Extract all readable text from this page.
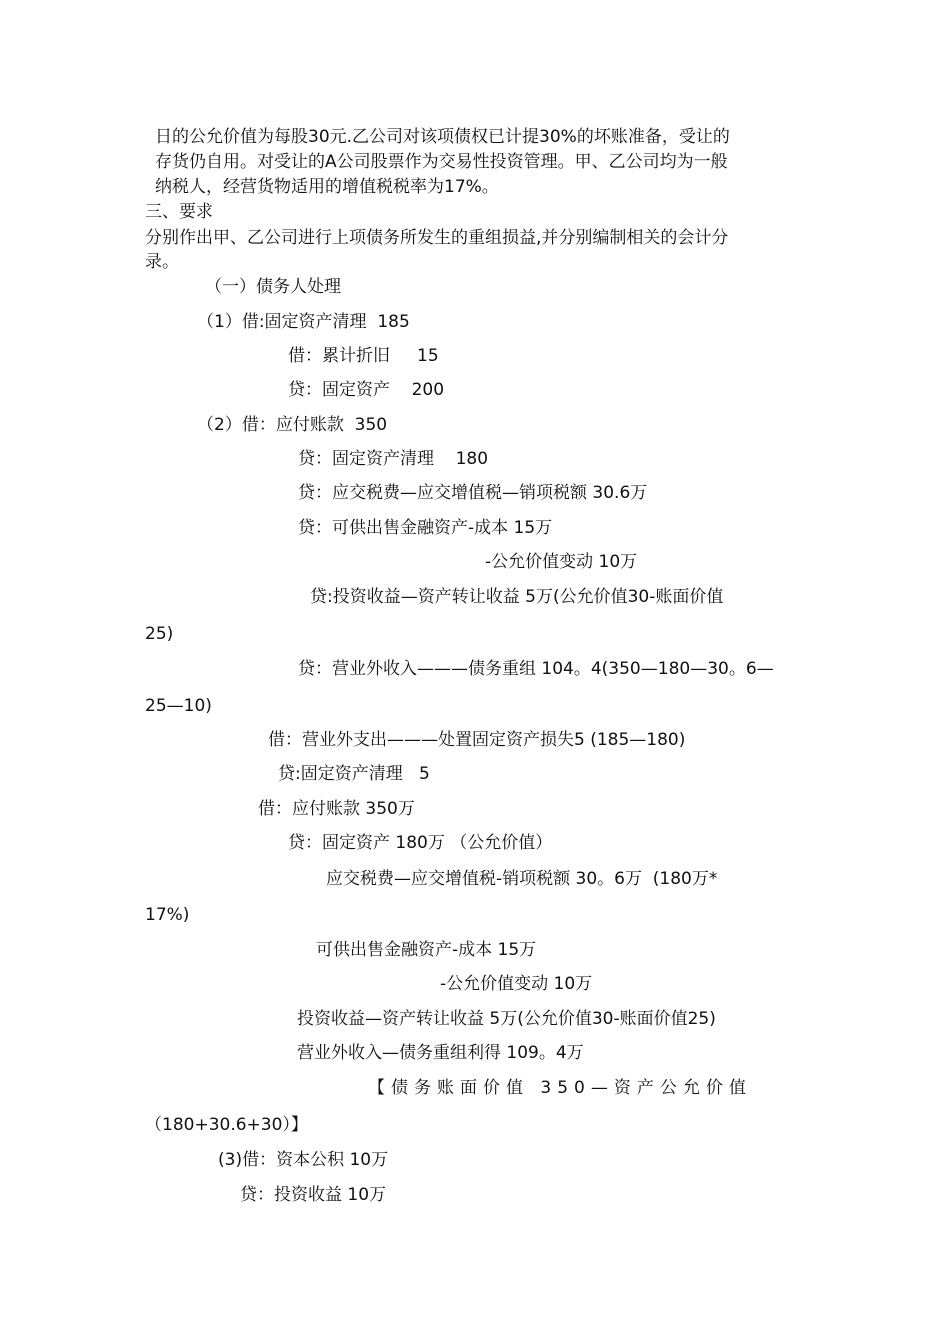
日的公允价值为每股30元.乙公司对该项债权已计提30%的坏账准备，受让的
存货仍自用。对受让的A公司股票作为交易性投资管理。甲、乙公司均为一般
纳税人，经营货物适用的增值税税率为17%。
三、要求
分别作出甲、乙公司进行上项债务所发生的重组损益,并分别编制相关的会计分
录。
（一）债务人处理
（1）借:固定资产清理  185
借：累计折旧     15
贷：固定资产    200
（2）借：应付账款  350
贷：固定资产清理    180
贷：应交税费—应交增值税—销项税额 30.6万
贷：可供出售金融资产-成本 15万
-公允价值变动 10万
贷:投资收益—资产转让收益 5万(公允价值30-账面价值
25)
贷：营业外收入———债务重组 104。4(350—180—30。6—
25—10)
借：营业外支出———处置固定资产损失5 (185—180)
贷:固定资产清理   5
借：应付账款 350万
贷：固定资产 180万 （公允价值）
应交税费—应交增值税-销项税额 30。6万  (180万*
17%)
可供出售金融资产-成本 15万
-公允价值变动 10万
投资收益—资产转让收益 5万(公允价值30-账面价值25)
营业外收入—债务重组利得 109。4万
【债务账面价值 350—资产公允价值
（180+30.6+30）】
(3)借：资本公积 10万
贷：投资收益 10万
